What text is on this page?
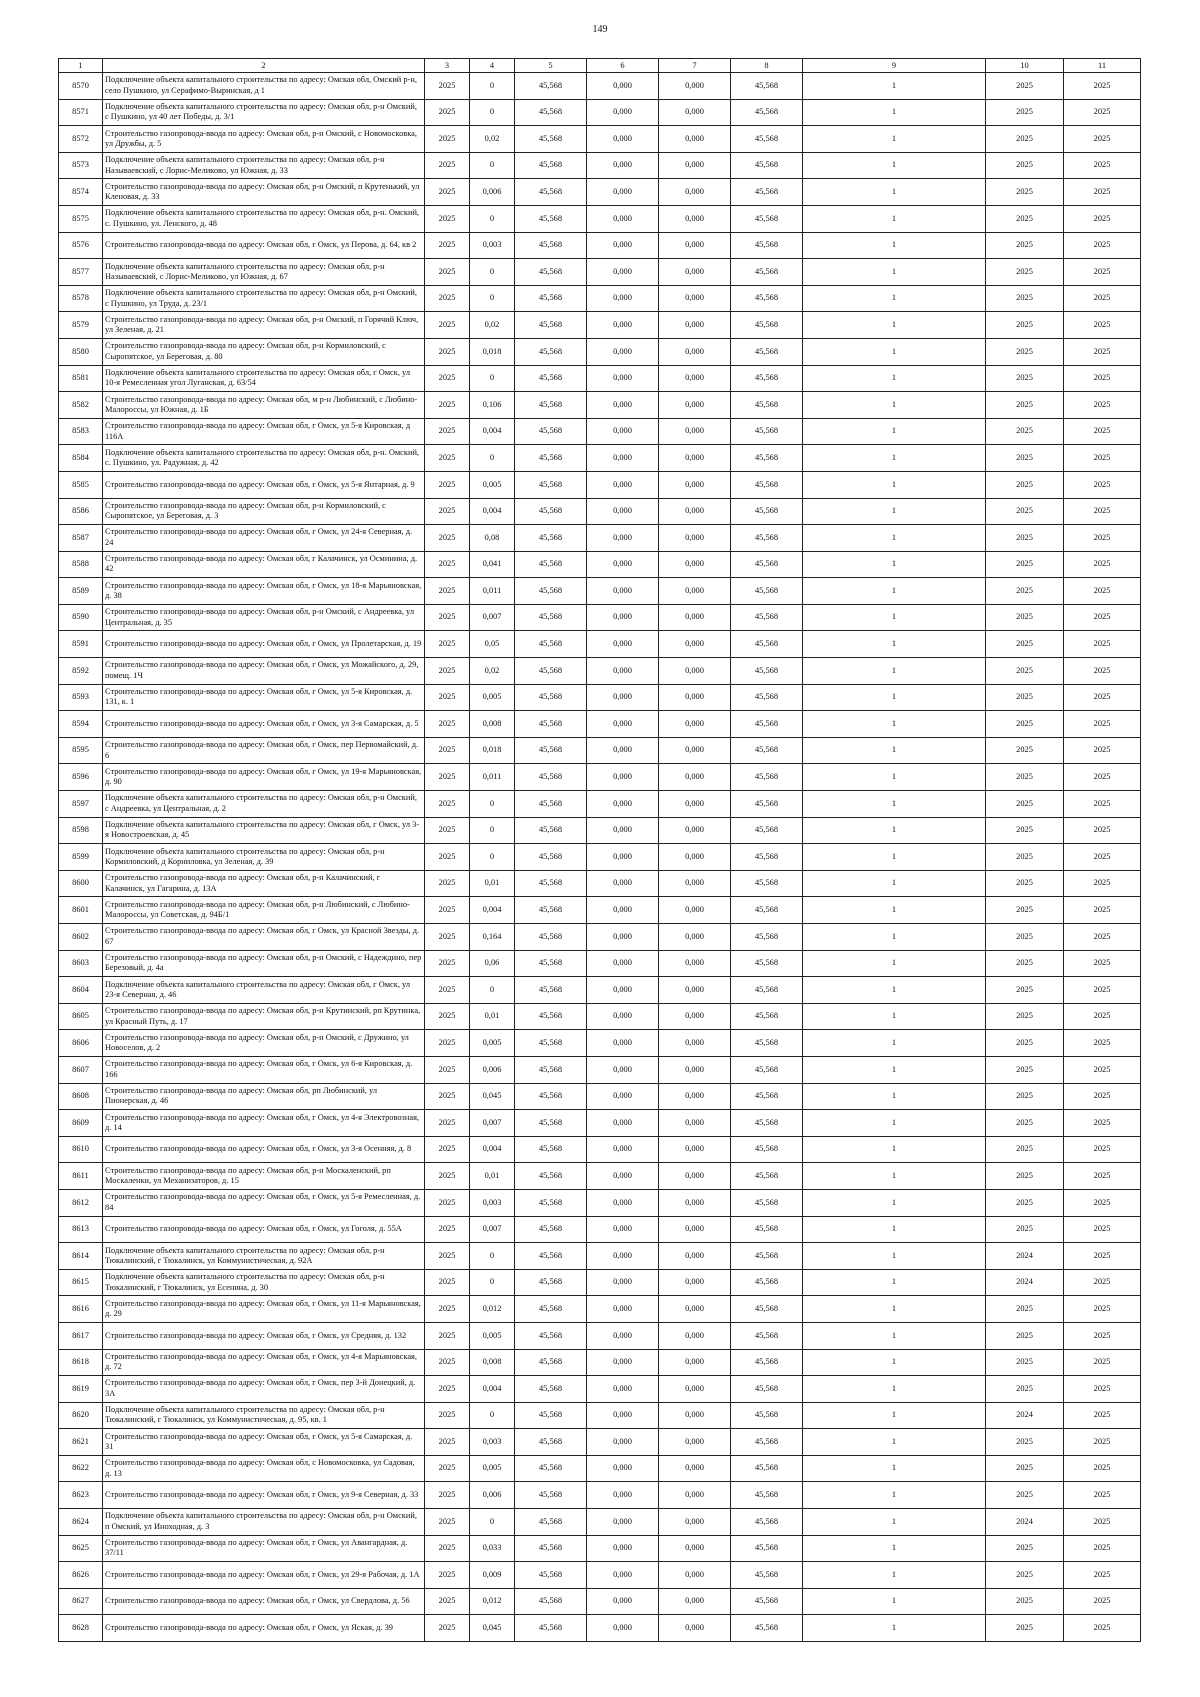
149
1	2	3	4	5	6	7	8	9	10	11
8570	Подключение объекта капитального строительства по адресу: Омская обл, Омский р-н, село Пушкино, ул Серафимо-Выринская, д 1	2025	0	45,568	0,000	0,000	45,568	1	2025	2025
8571	Подключение объекта капитального строительства по адресу: Омская обл, р-н Омский, с Пушкино, ул 40 лет Победы, д. 3/1	2025	0	45,568	0,000	0,000	45,568	1	2025	2025
8572	Строительство газопровода-ввода по адресу: Омская обл, р-н Омский, с Новомосковка, ул Дружбы, д. 5	2025	0,02	45,568	0,000	0,000	45,568	1	2025	2025
8573	Подключение объекта капитального строительства по адресу: Омская обл, р-н Называевский, с Лорис-Меликово, ул Южная, д. 33	2025	0	45,568	0,000	0,000	45,568	1	2025	2025
8574	Строительство газопровода-ввода по адресу: Омская обл, р-н Омский, п Крутенький, ул Кленовая, д. 33	2025	0,006	45,568	0,000	0,000	45,568	1	2025	2025
8575	Подключение объекта капитального строительства по адресу: Омская обл, р-н. Омский, с. Пушкино, ул. Ленского, д. 48	2025	0	45,568	0,000	0,000	45,568	1	2025	2025
8576	Строительство газопровода-ввода по адресу: Омская обл, г Омск, ул Перова, д. 64, кв 2	2025	0,003	45,568	0,000	0,000	45,568	1	2025	2025
8577	Подключение объекта капитального строительства по адресу: Омская обл, р-н Называевский, с Лорис-Меликово, ул Южная, д. 67	2025	0	45,568	0,000	0,000	45,568	1	2025	2025
8578	Подключение объекта капитального строительства по адресу: Омская обл, р-н Омский, с Пушкино, ул Труда, д. 23/1	2025	0	45,568	0,000	0,000	45,568	1	2025	2025
8579	Строительство газопровода-ввода по адресу: Омская обл, р-н Омский, п Горячий Ключ, ул Зеленая, д. 21	2025	0,02	45,568	0,000	0,000	45,568	1	2025	2025
8580	Строительство газопровода-ввода по адресу: Омская обл, р-н Кормиловский, с Сыропятское, ул Береговая, д. 80	2025	0,018	45,568	0,000	0,000	45,568	1	2025	2025
8581	Подключение объекта капитального строительства по адресу: Омская обл, г Омск, ул 10-я Ремесленная угол Луганская, д. 63/54	2025	0	45,568	0,000	0,000	45,568	1	2025	2025
8582	Строительство газопровода-ввода по адресу: Омская обл, м р-н Любинский, с Любино-Малороссы, ул Южная, д. 1Б	2025	0,106	45,568	0,000	0,000	45,568	1	2025	2025
8583	Строительство газопровода-ввода по адресу: Омская обл, г Омск, ул 5-я Кировская, д 116А	2025	0,004	45,568	0,000	0,000	45,568	1	2025	2025
8584	Подключение объекта капитального строительства по адресу: Омская обл, р-н. Омский, с. Пушкино, ул. Радужная, д. 42	2025	0	45,568	0,000	0,000	45,568	1	2025	2025
8585	Строительство газопровода-ввода по адресу: Омская обл, г Омск, ул 5-я Янтарная, д. 9	2025	0,005	45,568	0,000	0,000	45,568	1	2025	2025
8586	Строительство газопровода-ввода по адресу: Омская обл, р-н Кормиловский, с Сыропятское, ул Береговая, д. 3	2025	0,004	45,568	0,000	0,000	45,568	1	2025	2025
8587	Строительство газопровода-ввода по адресу: Омская обл, г Омск, ул 24-я Северная, д. 24	2025	0,08	45,568	0,000	0,000	45,568	1	2025	2025
8588	Строительство газопровода-ввода по адресу: Омская обл, г Калачинск, ул Осминина, д. 42	2025	0,041	45,568	0,000	0,000	45,568	1	2025	2025
8589	Строительство газопровода-ввода по адресу: Омская обл, г Омск, ул 18-я Марьяновская, д. 38	2025	0,011	45,568	0,000	0,000	45,568	1	2025	2025
8590	Строительство газопровода-ввода по адресу: Омская обл, р-н Омский, с Андреевка, ул Центральная, д. 35	2025	0,007	45,568	0,000	0,000	45,568	1	2025	2025
8591	Строительство газопровода-ввода по адресу: Омская обл, г Омск, ул Пролетарская, д. 19	2025	0,05	45,568	0,000	0,000	45,568	1	2025	2025
8592	Строительство газопровода-ввода по адресу: Омская обл, г Омск, ул Можайского, д. 29, помещ. 1Ч	2025	0,02	45,568	0,000	0,000	45,568	1	2025	2025
8593	Строительство газопровода-ввода по адресу: Омская обл, г Омск, ул 5-я Кировская, д. 131, к. 1	2025	0,005	45,568	0,000	0,000	45,568	1	2025	2025
8594	Строительство газопровода-ввода по адресу: Омская обл, г Омск, ул 3-я Самарская, д. 5	2025	0,008	45,568	0,000	0,000	45,568	1	2025	2025
8595	Строительство газопровода-ввода по адресу: Омская обл, г Омск, пер Первомайский, д. 6	2025	0,018	45,568	0,000	0,000	45,568	1	2025	2025
8596	Строительство газопровода-ввода по адресу: Омская обл, г Омск, ул 19-я Марьяновская, д. 90	2025	0,011	45,568	0,000	0,000	45,568	1	2025	2025
8597	Подключение объекта капитального строительства по адресу: Омская обл, р-н Омский, с Андреевка, ул Центральная, д. 2	2025	0	45,568	0,000	0,000	45,568	1	2025	2025
8598	Подключение объекта капитального строительства по адресу: Омская обл, г Омск, ул 3-я Новостроевская, д. 45	2025	0	45,568	0,000	0,000	45,568	1	2025	2025
8599	Подключение объекта капитального строительства по адресу: Омская обл, р-н Кормиловский, д Корниловка, ул Зеленая, д. 39	2025	0	45,568	0,000	0,000	45,568	1	2025	2025
8600	Строительство газопровода-ввода по адресу: Омская обл, р-н Калачинский, г Калачинск, ул Гагарина, д. 13А	2025	0,01	45,568	0,000	0,000	45,568	1	2025	2025
8601	Строительство газопровода-ввода по адресу: Омская обл, р-н Любинский, с Любино-Малороссы, ул Советская, д. 94Б/1	2025	0,004	45,568	0,000	0,000	45,568	1	2025	2025
8602	Строительство газопровода-ввода по адресу: Омская обл, г Омск, ул Красной Звезды, д. 67	2025	0,164	45,568	0,000	0,000	45,568	1	2025	2025
8603	Строительство газопровода-ввода по адресу: Омская обл, р-н Омский, с Надеждино, пер Березовый, д. 4а	2025	0,06	45,568	0,000	0,000	45,568	1	2025	2025
8604	Подключение объекта капитального строительства по адресу: Омская обл, г Омск, ул 23-я Северная, д. 46	2025	0	45,568	0,000	0,000	45,568	1	2025	2025
8605	Строительство газопровода-ввода по адресу: Омская обл, р-н Крутинский, рп Крутинка, ул Красный Путь, д. 17	2025	0,01	45,568	0,000	0,000	45,568	1	2025	2025
8606	Строительство газопровода-ввода по адресу: Омская обл, р-н Омский, с Дружино, ул Новоселов, д. 2	2025	0,005	45,568	0,000	0,000	45,568	1	2025	2025
8607	Строительство газопровода-ввода по адресу: Омская обл, г Омск, ул 6-я Кировская, д. 166	2025	0,006	45,568	0,000	0,000	45,568	1	2025	2025
8608	Строительство газопровода-ввода по адресу: Омская обл, рп Любинский, ул Пионерская, д. 46	2025	0,045	45,568	0,000	0,000	45,568	1	2025	2025
8609	Строительство газопровода-ввода по адресу: Омская обл, г Омск, ул 4-я Электровозная, д. 14	2025	0,007	45,568	0,000	0,000	45,568	1	2025	2025
8610	Строительство газопровода-ввода по адресу: Омская обл, г Омск, ул 3-я Осенняя, д. 8	2025	0,004	45,568	0,000	0,000	45,568	1	2025	2025
8611	Строительство газопровода-ввода по адресу: Омская обл, р-н Москаленский, рп Москаленки, ул Механизаторов, д. 15	2025	0,01	45,568	0,000	0,000	45,568	1	2025	2025
8612	Строительство газопровода-ввода по адресу: Омская обл, г Омск, ул 5-я Ремесленная, д. 84	2025	0,003	45,568	0,000	0,000	45,568	1	2025	2025
8613	Строительство газопровода-ввода по адресу: Омская обл, г Омск, ул Гоголя, д. 55А	2025	0,007	45,568	0,000	0,000	45,568	1	2025	2025
8614	Подключение объекта капитального строительства по адресу: Омская обл, р-н Тюкалинский, г Тюкалинск, ул Коммунистическая, д. 92А	2025	0	45,568	0,000	0,000	45,568	1	2024	2025
8615	Подключение объекта капитального строительства по адресу: Омская обл, р-н Тюкалинский, г Тюкалинск, ул Есенина, д. 30	2025	0	45,568	0,000	0,000	45,568	1	2024	2025
8616	Строительство газопровода-ввода по адресу: Омская обл, г Омск, ул 11-я Марьяновская, д. 29	2025	0,012	45,568	0,000	0,000	45,568	1	2025	2025
8617	Строительство газопровода-ввода по адресу: Омская обл, г Омск, ул Средняя, д. 132	2025	0,005	45,568	0,000	0,000	45,568	1	2025	2025
8618	Строительство газопровода-ввода по адресу: Омская обл, г Омск, ул 4-я Марьяновская, д. 72	2025	0,008	45,568	0,000	0,000	45,568	1	2025	2025
8619	Строительство газопровода-ввода по адресу: Омская обл, г Омск, пер 3-й Донецкий, д. 3А	2025	0,004	45,568	0,000	0,000	45,568	1	2025	2025
8620	Подключение объекта капитального строительства по адресу: Омская обл, р-н Тюкалинский, г Тюкалинск, ул Коммунистическая, д. 95, кв. 1	2025	0	45,568	0,000	0,000	45,568	1	2024	2025
8621	Строительство газопровода-ввода по адресу: Омская обл, г Омск, ул 5-я Самарская, д. 31	2025	0,003	45,568	0,000	0,000	45,568	1	2025	2025
8622	Строительство газопровода-ввода по адресу: Омская обл, с Новомосковка, ул Садовая, д. 13	2025	0,005	45,568	0,000	0,000	45,568	1	2025	2025
8623	Строительство газопровода-ввода по адресу: Омская обл, г Омск, ул 9-я Северная, д. 33	2025	0,006	45,568	0,000	0,000	45,568	1	2025	2025
8624	Подключение объекта капитального строительства по адресу: Омская обл, р-н Омский, п Омский, ул Иноходная, д. 3	2025	0	45,568	0,000	0,000	45,568	1	2024	2025
8625	Строительство газопровода-ввода по адресу: Омская обл, г Омск, ул Авангардная, д. 37/11	2025	0,033	45,568	0,000	0,000	45,568	1	2025	2025
8626	Строительство газопровода-ввода по адресу: Омская обл, г Омск, ул 29-я Рабочая, д. 1А	2025	0,009	45,568	0,000	0,000	45,568	1	2025	2025
8627	Строительство газопровода-ввода по адресу: Омская обл, г Омск, ул Свердлова, д. 56	2025	0,012	45,568	0,000	0,000	45,568	1	2025	2025
8628	Строительство газопровода-ввода по адресу: Омская обл, г Омск, ул Яская, д. 39	2025	0,045	45,568	0,000	0,000	45,568	1	2025	2025
